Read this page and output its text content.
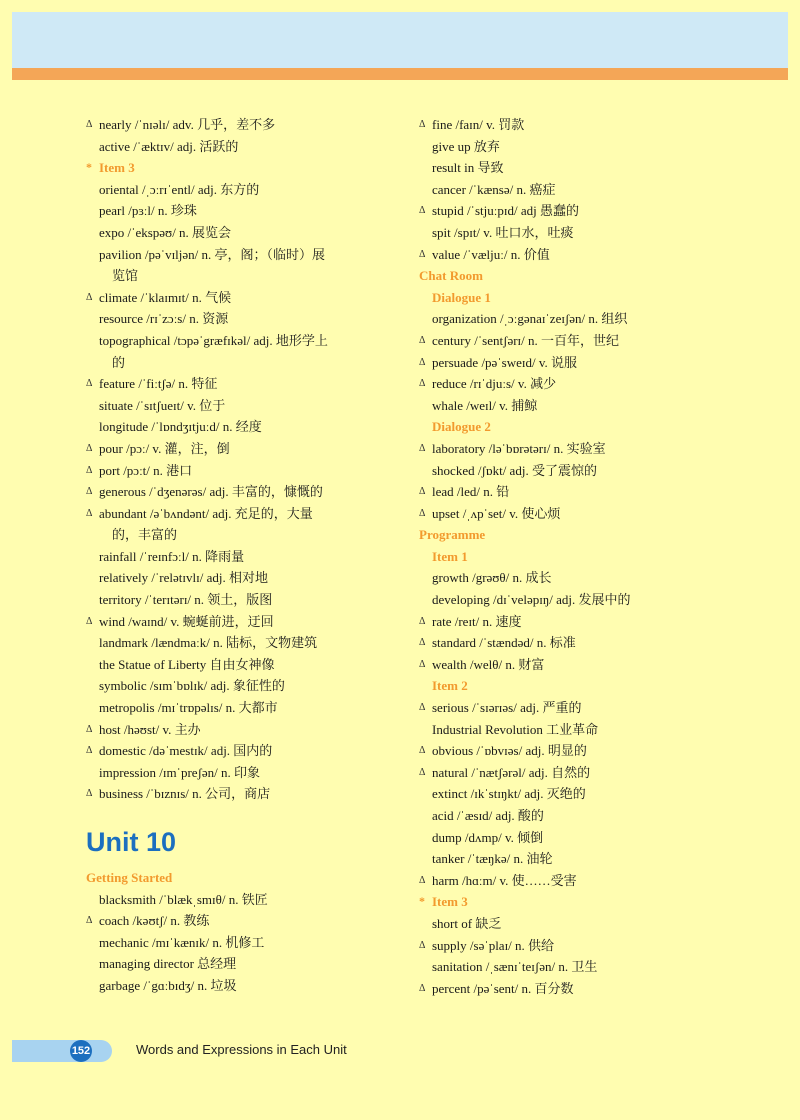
Δ nearly /ˈnɪəlɪ/ adv. 几乎，差不多
active /ˈæktɪv/ adj. 活跃的
* Item 3
oriental /ˌɔːrɪˈentl/ adj. 东方的
pearl /pɜːl/ n. 珍珠
expo /ˈekspəʊ/ n. 展览会
pavilion /pəˈvɪljən/ n. 亭，阁；（临时）展
览馆
Δ climate /ˈklaɪmɪt/ n. 气候
resource /rɪˈzɔːs/ n. 资源
topographical /tɔpəˈgræfɪkəl/ adj. 地形学上
的
Δ feature /ˈfiːtʃə/ n. 特征
situate /ˈsɪtʃueɪt/ v. 位于
longitude /ˈlɒndʒɪtjuːd/ n. 经度
Δ pour /pɔː/ v. 灌，注，倒
Δ port /pɔːt/ n. 港口
Δ generous /ˈdʒenərəs/ adj. 丰富的，慷慨的
Δ abundant /əˈbʌndənt/ adj. 充足的，大量
的，丰富的
rainfall /ˈreɪnfɔːl/ n. 降雨量
relatively /ˈrelətɪvlɪ/ adj. 相对地
territory /ˈterɪtərɪ/ n. 领土，版图
Δ wind /waɪnd/ v. 蜿蜒前进，迂回
landmark /lændmaːk/ n. 陆标，文物建筑
the Statue of Liberty 自由女神像
symbolic /sɪmˈbɒlɪk/ adj. 象征性的
metropolis /mɪˈtrɒpəlɪs/ n. 大都市
Δ host /həʊst/ v. 主办
Δ domestic /dəˈmestɪk/ adj. 国内的
impression /ɪmˈpreʃən/ n. 印象
Δ business /ˈbɪznɪs/ n. 公司，商店
Unit 10
Getting Started
blacksmith /ˈblækˌsmɪθ/ n. 铁匠
Δ coach /kəʊtʃ/ n. 教练
mechanic /mɪˈkænɪk/ n. 机修工
managing director 总经理
garbage /ˈgɑːbɪdʒ/ n. 垃圾
Δ fine /faɪn/ v. 罚款
give up 放弃
result in 导致
cancer /ˈkænsə/ n. 癌症
Δ stupid /ˈstjuːpɪd/ adj 愚蠢的
spit /spɪt/ v. 吐口水，吐痰
Δ value /ˈvæljuː/ n. 价值
Chat Room
Dialogue 1
organization /ˌɔːgənaɪˈzeɪʃən/ n. 组织
Δ century /ˈsentʃərɪ/ n. 一百年，世纪
Δ persuade /pəˈsweɪd/ v. 说服
Δ reduce /rɪˈdjuːs/ v. 减少
whale /weɪl/ v. 捕鲸
Dialogue 2
Δ laboratory /ləˈbɒrətərɪ/ n. 实验室
shocked /ʃɒkt/ adj. 受了震惊的
Δ lead /led/ n. 铅
Δ upset /ˌʌpˈset/ v. 使心烦
Programme
Item 1
growth /grəʊθ/ n. 成长
developing /dɪˈveləpɪŋ/ adj. 发展中的
Δ rate /reɪt/ n. 速度
Δ standard /ˈstændəd/ n. 标准
Δ wealth /welθ/ n. 财富
Item 2
Δ serious /ˈsɪərɪəs/ adj. 严重的
Industrial Revolution 工业革命
Δ obvious /ˈɒbvɪəs/ adj. 明显的
Δ natural /ˈnætʃərəl/ adj. 自然的
extinct /ɪkˈstɪŋkt/ adj. 灭绝的
acid /ˈæsɪd/ adj. 酸的
dump /dʌmp/ v. 倾倒
tanker /ˈtæŋkə/ n. 油轮
Δ harm /hɑːm/ v. 使……受害
* Item 3
short of 缺乏
Δ supply /səˈplaɪ/ n. 供给
sanitation /ˌsænɪˈteɪʃən/ n. 卫生
Δ percent /pəˈsent/ n. 百分数
152	Words and Expressions in Each Unit
